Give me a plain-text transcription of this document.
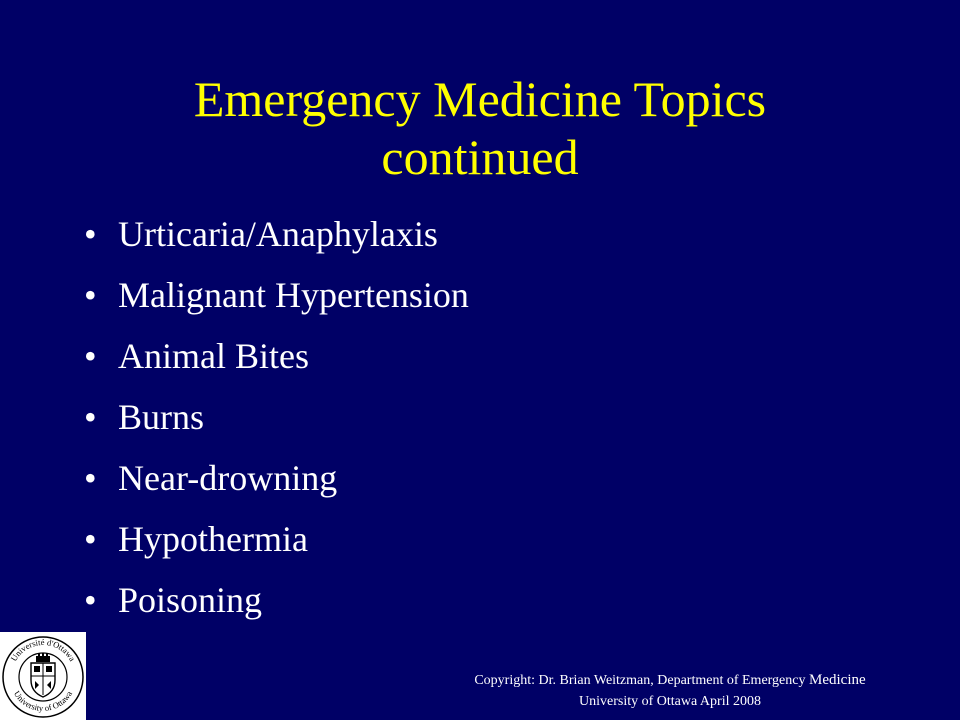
Emergency Medicine Topics
continued
• Urticaria/Anaphylaxis
• Malignant Hypertension
• Animal Bites
• Burns
• Near-drowning
• Hypothermia
• Poisoning
Université d'Ottawa
University of Ottawa
Copyright: Dr. Brian Weitzman, Department of Emergency Medicine
University of Ottawa April 2008
